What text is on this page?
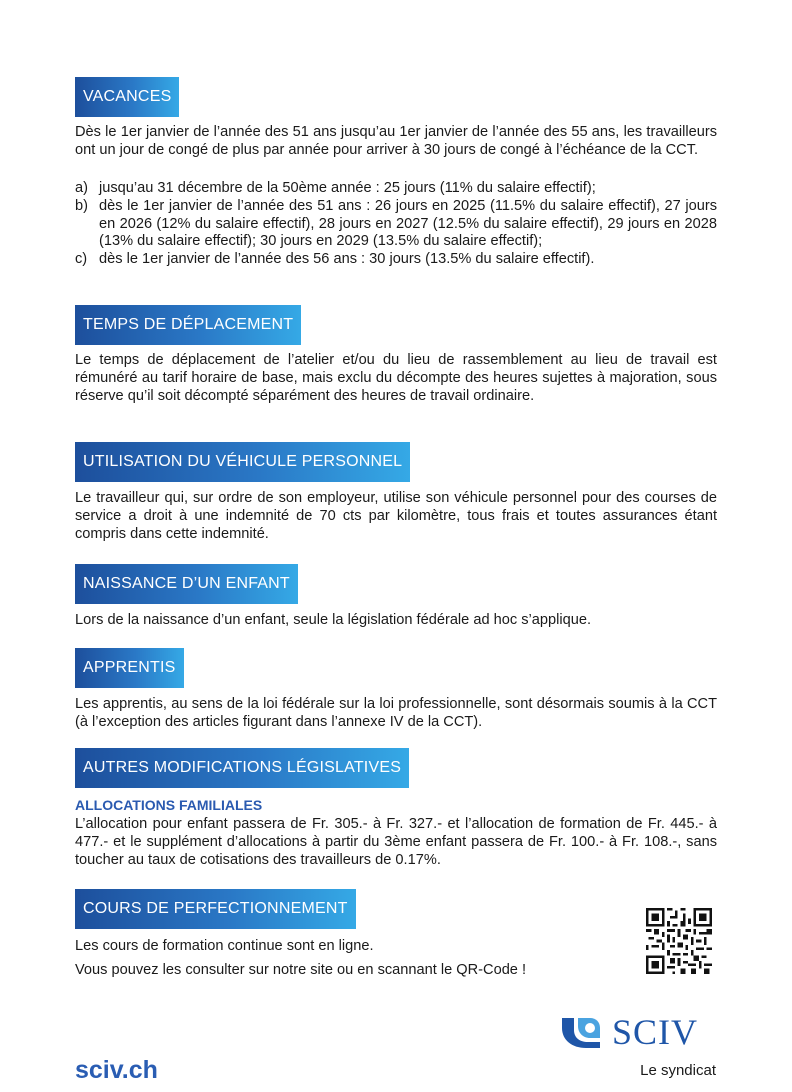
VACANCES

Dès le 1er janvier de l’année des 51 ans jusqu’au 1er janvier de l’année des 55 ans, les travailleurs ont un jour de congé de plus par année pour arriver à 30 jours de congé à l’échéance de la CCT.

a) jusqu’au 31 décembre de la 50ème année : 25 jours (11% du salaire effectif);
b) dès le 1er janvier de l’année des 51 ans : 26 jours en 2025 (11.5% du salaire effectif), 27 jours en 2026 (12% du salaire effectif), 28 jours en 2027 (12.5% du salaire effectif), 29 jours en 2028 (13% du salaire effectif); 30 jours en 2029 (13.5% du salaire effectif);
c) dès le 1er janvier de l’année des 56 ans : 30 jours (13.5% du salaire effectif).
TEMPS DE DÉPLACEMENT

Le temps de déplacement de l’atelier et/ou du lieu de rassemblement au lieu de travail est rémunéré au tarif horaire de base, mais exclu du décompte des heures sujettes à majoration, sous réserve qu’il soit décompté séparément des heures de travail ordinaire.

UTILISATION DU VÉHICULE PERSONNEL

Le travailleur qui, sur ordre de son employeur, utilise son véhicule personnel pour des courses de service a droit à une indemnité de 70 cts par kilomètre, tous frais et toutes assurances étant compris dans cette indemnité.

NAISSANCE D’UN ENFANT

Lors de la naissance d’un enfant, seule la législation fédérale ad hoc s’applique.

APPRENTIS

Les apprentis, au sens de la loi fédérale sur la loi professionnelle, sont désormais soumis à la CCT (à l’exception des articles figurant dans l’annexe IV de la CCT).

AUTRES MODIFICATIONS LÉGISLATIVES
ALLOCATIONS FAMILIALES

L’allocation pour enfant passera de Fr. 305.- à Fr. 327.- et l’allocation de formation de Fr. 445.- à 477.- et le supplément d’allocations à partir du 3ème enfant passera de Fr. 100.- à Fr. 108.-, sans toucher au taux de cotisations des travailleurs de 0.17%.

COURS DE PERFECTIONNEMENT

Les cours de formation continue sont en ligne.

Vous pouvez les consulter sur notre site ou en scannant le QR-Code !

sciv.ch
SCIV
Le syndicat
